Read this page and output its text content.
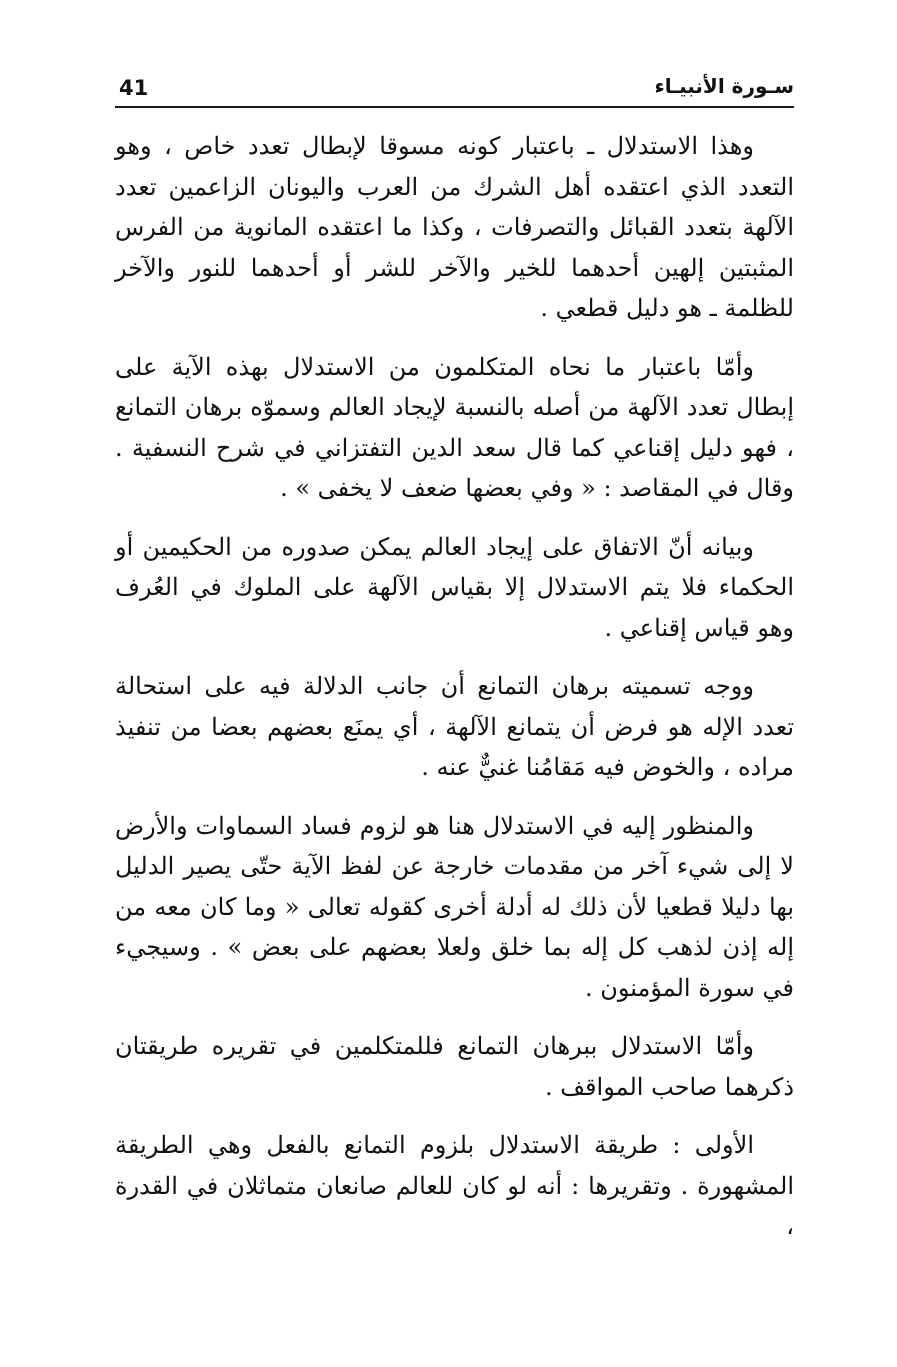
41	سـورة الأنبيـاء

وهذا الاستدلال ـ باعتبار كونه مسوقا لإبطال تعدد خاص ، وهو التعدد الذي اعتقده أهل الشرك من العرب واليونان الزاعمين تعدد الآلهة بتعدد القبائل والتصرفات ، وكذا ما اعتقده المانوية من الفرس المثبتين إلهين أحدهما للخير والآخر للشر أو أحدهما للنور والآخر للظلمة ـ هو دليل قطعي .

وأمّا باعتبار ما نحاه المتكلمون من الاستدلال بهذه الآية على إبطال تعدد الآلهة من أصله بالنسبة لإيجاد العالم وسموّه برهان التمانع ، فهو دليل إقناعي كما قال سعد الدين التفتزاني في شرح النسفية . وقال في المقاصد : « وفي بعضها ضعف لا يخفى » .

وبيانه أنّ الاتفاق على إيجاد العالم يمكن صدوره من الحكيمين أو الحكماء فلا يتم الاستدلال إلا بقياس الآلهة على الملوك في العُرف وهو قياس إقناعي .

ووجه تسميته برهان التمانع أن جانب الدلالة فيه على استحالة تعدد الإله هو فرض أن يتمانع الآلهة ، أي يمنَع بعضهم بعضا من تنفيذ مراده ، والخوض فيه مَقامُنا غنيٌّ عنه .

والمنظور إليه في الاستدلال هنا هو لزوم فساد السماوات والأرض لا إلى شيء آخر من مقدمات خارجة عن لفظ الآية حتّى يصير الدليل بها دليلا قطعيا لأن ذلك له أدلة أخرى كقوله تعالى « وما كان معه من إله إذن لذهب كل إله بما خلق ولعلا بعضهم على بعض » . وسيجيء في سورة المؤمنون .

وأمّا الاستدلال ببرهان التمانع فللمتكلمين في تقريره طريقتان ذكرهما صاحب المواقف .

الأولى : طريقة الاستدلال بلزوم التمانع بالفعل وهي الطريقة المشهورة . وتقريرها : أنه لو كان للعالم صانعان متماثلان في القدرة ،
